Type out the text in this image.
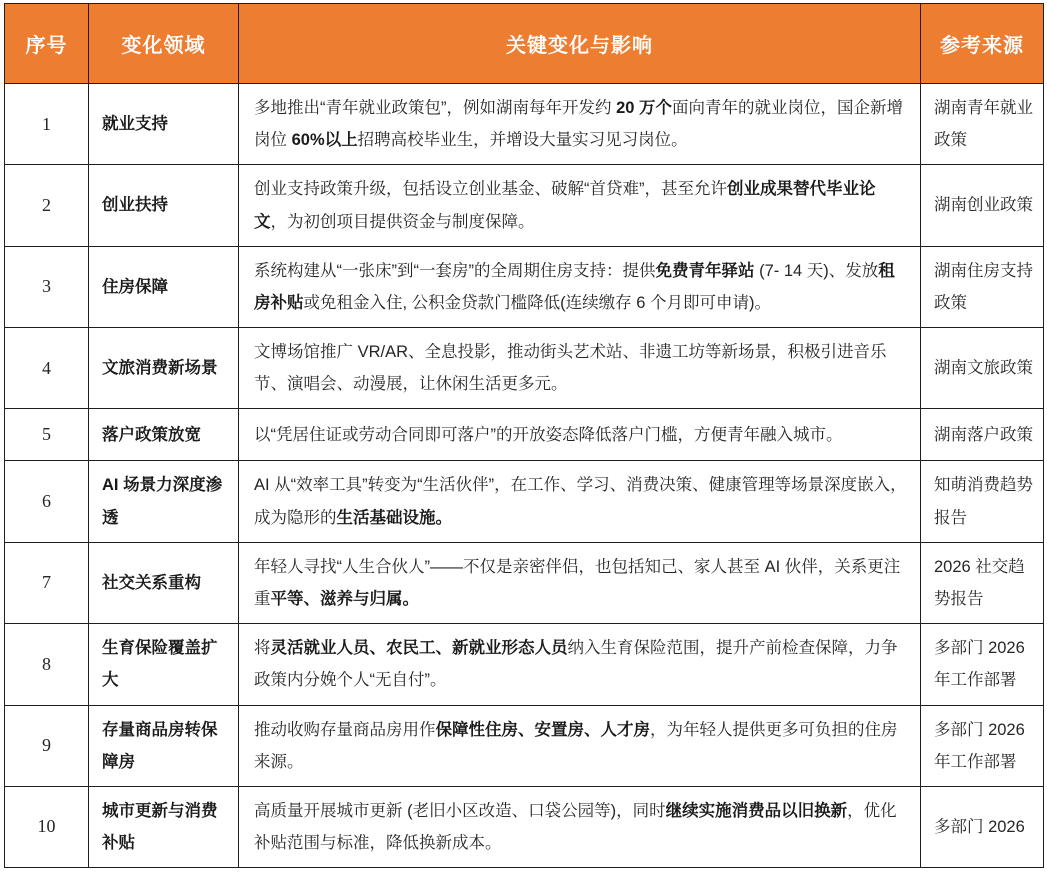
序号	变化领域	关键变化与影响	参考来源
1	就业支持	多地推出“青年就业政策包”，例如湖南每年开发约 20 万个面向青年的就业岗位，国企新增岗位 60%以上招聘高校毕业生，并增设大量实习见习岗位。	湖南青年就业政策
2	创业扶持	创业支持政策升级，包括设立创业基金、破解“首贷难”，甚至允许创业成果替代毕业论文，为初创项目提供资金与制度保障。	湖南创业政策
3	住房保障	系统构建从“一张床”到“一套房”的全周期住房支持：提供免费青年驿站 (7- 14 天)、发放租房补贴或免租金入住, 公积金贷款门槛降低(连续缴存 6 个月即可申请)。	湖南住房支持政策
4	文旅消费新场景	文博场馆推广 VR/AR、全息投影，推动街头艺术站、非遗工坊等新场景，积极引进音乐节、演唱会、动漫展，让休闲生活更多元。	湖南文旅政策
5	落户政策放宽	以“凭居住证或劳动合同即可落户”的开放姿态降低落户门槛，方便青年融入城市。	湖南落户政策
6	AI 场景力深度渗透	AI 从“效率工具”转变为“生活伙伴”，在工作、学习、消费决策、健康管理等场景深度嵌入，成为隐形的生活基础设施。	知萌消费趋势报告
7	社交关系重构	年轻人寻找“人生合伙人”——不仅是亲密伴侣，也包括知己、家人甚至 AI 伙伴，关系更注重平等、滋养与归属。	2026 社交趋势报告
8	生育保险覆盖扩大	将灵活就业人员、农民工、新就业形态人员纳入生育保险范围，提升产前检查保障，力争政策内分娩个人“无自付”。	多部门 2026 年工作部署
9	存量商品房转保障房	推动收购存量商品房用作保障性住房、安置房、人才房，为年轻人提供更多可负担的住房来源。	多部门 2026 年工作部署
10	城市更新与消费补贴	高质量开展城市更新 (老旧小区改造、口袋公园等)，同时继续实施消费品以旧换新，优化补贴范围与标准，降低换新成本。	多部门 2026
